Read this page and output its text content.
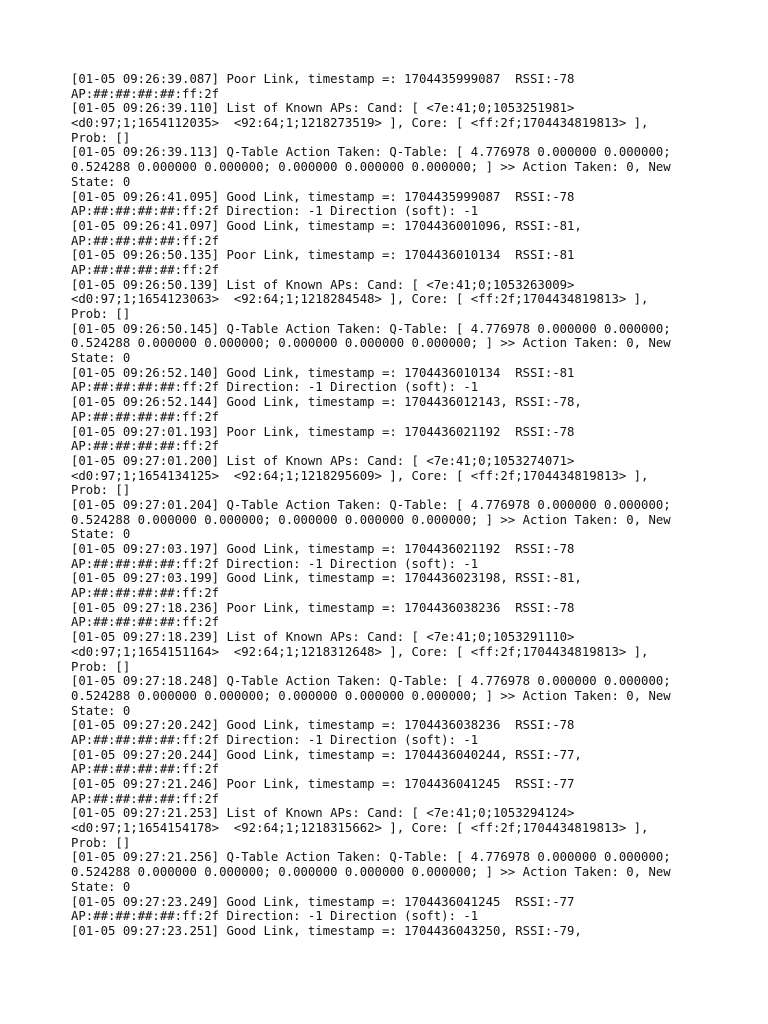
[01-05 09:26:39.087] Poor Link, timestamp =: 1704435999087  RSSI:-78
AP:##:##:##:##:ff:2f
[01-05 09:26:39.110] List of Known APs: Cand: [ <7e:41;0;1053251981>
<d0:97;1;1654112035>  <92:64;1;1218273519> ], Core: [ <ff:2f;1704434819813> ],
Prob: []
[01-05 09:26:39.113] Q-Table Action Taken: Q-Table: [ 4.776978 0.000000 0.000000;
0.524288 0.000000 0.000000; 0.000000 0.000000 0.000000; ] >> Action Taken: 0, New
State: 0
[01-05 09:26:41.095] Good Link, timestamp =: 1704435999087  RSSI:-78
AP:##:##:##:##:ff:2f Direction: -1 Direction (soft): -1
[01-05 09:26:41.097] Good Link, timestamp =: 1704436001096, RSSI:-81,
AP:##:##:##:##:ff:2f
[01-05 09:26:50.135] Poor Link, timestamp =: 1704436010134  RSSI:-81
AP:##:##:##:##:ff:2f
[01-05 09:26:50.139] List of Known APs: Cand: [ <7e:41;0;1053263009>
<d0:97;1;1654123063>  <92:64;1;1218284548> ], Core: [ <ff:2f;1704434819813> ],
Prob: []
[01-05 09:26:50.145] Q-Table Action Taken: Q-Table: [ 4.776978 0.000000 0.000000;
0.524288 0.000000 0.000000; 0.000000 0.000000 0.000000; ] >> Action Taken: 0, New
State: 0
[01-05 09:26:52.140] Good Link, timestamp =: 1704436010134  RSSI:-81
AP:##:##:##:##:ff:2f Direction: -1 Direction (soft): -1
[01-05 09:26:52.144] Good Link, timestamp =: 1704436012143, RSSI:-78,
AP:##:##:##:##:ff:2f
[01-05 09:27:01.193] Poor Link, timestamp =: 1704436021192  RSSI:-78
AP:##:##:##:##:ff:2f
[01-05 09:27:01.200] List of Known APs: Cand: [ <7e:41;0;1053274071>
<d0:97;1;1654134125>  <92:64;1;1218295609> ], Core: [ <ff:2f;1704434819813> ],
Prob: []
[01-05 09:27:01.204] Q-Table Action Taken: Q-Table: [ 4.776978 0.000000 0.000000;
0.524288 0.000000 0.000000; 0.000000 0.000000 0.000000; ] >> Action Taken: 0, New
State: 0
[01-05 09:27:03.197] Good Link, timestamp =: 1704436021192  RSSI:-78
AP:##:##:##:##:ff:2f Direction: -1 Direction (soft): -1
[01-05 09:27:03.199] Good Link, timestamp =: 1704436023198, RSSI:-81,
AP:##:##:##:##:ff:2f
[01-05 09:27:18.236] Poor Link, timestamp =: 1704436038236  RSSI:-78
AP:##:##:##:##:ff:2f
[01-05 09:27:18.239] List of Known APs: Cand: [ <7e:41;0;1053291110>
<d0:97;1;1654151164>  <92:64;1;1218312648> ], Core: [ <ff:2f;1704434819813> ],
Prob: []
[01-05 09:27:18.248] Q-Table Action Taken: Q-Table: [ 4.776978 0.000000 0.000000;
0.524288 0.000000 0.000000; 0.000000 0.000000 0.000000; ] >> Action Taken: 0, New
State: 0
[01-05 09:27:20.242] Good Link, timestamp =: 1704436038236  RSSI:-78
AP:##:##:##:##:ff:2f Direction: -1 Direction (soft): -1
[01-05 09:27:20.244] Good Link, timestamp =: 1704436040244, RSSI:-77,
AP:##:##:##:##:ff:2f
[01-05 09:27:21.246] Poor Link, timestamp =: 1704436041245  RSSI:-77
AP:##:##:##:##:ff:2f
[01-05 09:27:21.253] List of Known APs: Cand: [ <7e:41;0;1053294124>
<d0:97;1;1654154178>  <92:64;1;1218315662> ], Core: [ <ff:2f;1704434819813> ],
Prob: []
[01-05 09:27:21.256] Q-Table Action Taken: Q-Table: [ 4.776978 0.000000 0.000000;
0.524288 0.000000 0.000000; 0.000000 0.000000 0.000000; ] >> Action Taken: 0, New
State: 0
[01-05 09:27:23.249] Good Link, timestamp =: 1704436041245  RSSI:-77
AP:##:##:##:##:ff:2f Direction: -1 Direction (soft): -1
[01-05 09:27:23.251] Good Link, timestamp =: 1704436043250, RSSI:-79,
